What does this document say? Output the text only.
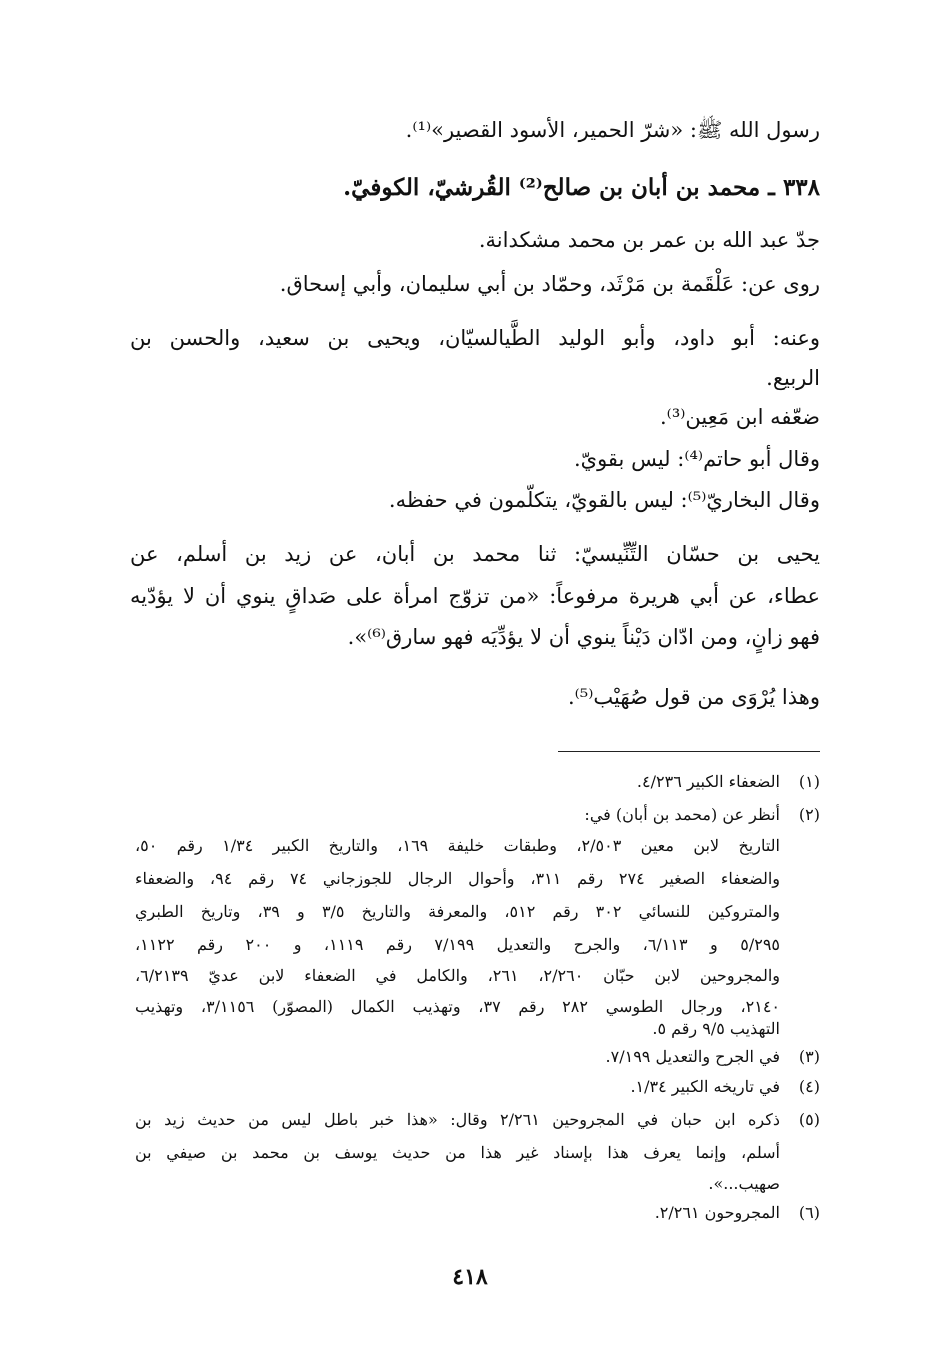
رسول الله ﷺ: «شرّ الحمير، الأسود القصير»⁽¹⁾.
٣٣٨ ـ محمد بن أبان بن صالح⁽²⁾ القُرشيّ، الكوفيّ.
جدّ عبد الله بن عمر بن محمد مشكدانة.
روى عن: عَلْقَمة بن مَرْثَد، وحمّاد بن أبي سليمان، وأبي إسحاق.
وعنه: أبو داود، وأبو الوليد الطَّيالسيّان، ويحيى بن سعيد، والحسن بن
الربيع.
ضعّفه ابن مَعِين⁽³⁾.
وقال أبو حاتم⁽⁴⁾: ليس بقويّ.
وقال البخاريّ⁽⁵⁾: ليس بالقويّ، يتكلّمون في حفظه.
يحيى بن حسّان التِّنِّيسيّ: ثنا محمد بن أبان، عن زيد بن أسلم، عن
عطاء، عن أبي هريرة مرفوعاً: «من تزوّج امرأة على صَداقٍ ينوي أن لا يؤدّيه
فهو زانٍ، ومن ادّان دَيْناً ينوي أن لا يؤدِّيَه فهو سارق⁽⁶⁾».
وهذا يُرْوَى من قول صُهَيْب⁽⁵⁾.
(١)الضعفاء الكبير ٤/٢٣٦.
(٢)أنظر عن (محمد بن أبان) في:
التاريخ لابن معين ٢/٥٠٣، وطبقات خليفة ١٦٩، والتاريخ الكبير ١/٣٤ رقم ٥٠،
والضعفاء الصغير ٢٧٤ رقم ٣١١، وأحوال الرجال للجوزجاني ٧٤ رقم ٩٤، والضعفاء
والمتروكين للنسائي ٣٠٢ رقم ٥١٢، والمعرفة والتاريخ ٣/٥ و ٣٩، وتاريخ الطبري
٥/٢٩٥ و ٦/١١٣، والجرح والتعديل ٧/١٩٩ رقم ١١١٩، و ٢٠٠ رقم ١١٢٢،
والمجروحين لابن حبّان ٢/٢٦٠، ٢٦١، والكامل في الضعفاء لابن عديّ ٦/٢١٣٩،
٢١٤٠، ورجال الطوسي ٢٨٢ رقم ٣٧، وتهذيب الكمال (المصوّر) ٣/١١٥٦، وتهذيب
التهذيب ٩/٥ رقم ٥.
(٣)في الجرح والتعديل ٧/١٩٩.
(٤)في تاريخه الكبير ١/٣٤.
(٥)ذكره ابن حبان في المجروحين ٢/٢٦١ وقال: «هذا خبر باطل ليس من حديث زيد بن
أسلم، وإنما يعرف هذا بإسناد غير هذا من حديث يوسف بن محمد بن صيفي بن
صهيب...».
(٦)المجروحون ٢/٢٦١.
٤١٨
